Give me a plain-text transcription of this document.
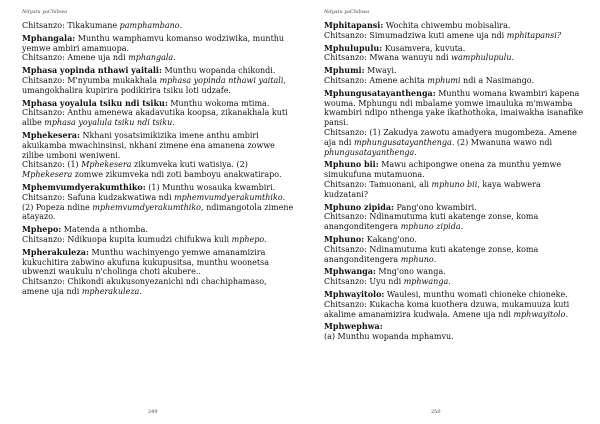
Ndyatu yaChibwa

Chitsanzo: Tikakumane pamphambano.

Mphangala: Munthu wamphamvu komanso wodziwika, munthu yemwe ambiri amamuopa.
Chitsanzo: Amene uja ndi mphangala.

Mphasa yopinda nthawi yaitali: Munthu wopanda chikondi.
Chitsanzo: M'nyumba mukakhala mphasa yopinda nthawi yaitali, umangokhalira kupirira podikirira tsiku loti udzafe.

Mphasa yoyalula tsiku ndi tsiku: Munthu wokoma mtima.
Chitsanzo: Anthu amenewa akadavutika koopsa, zikanakhala kuti alibe mphasa yoyalula tsiku ndi tsiku.

Mphekesera: Nkhani yosatsimikizika imene anthu ambiri akuikamba mwachinsinsi, nkhani zimene ena amanena zowwe zilibe umboni weniweni.
Chitsanzo: (1) Mphekesera zikumveka kuti watisiya. (2) Mphekesera zomwe zikumveka ndi zoti bamboyu anakwatirapo.

Mphemvumdyerakumthiko: (1) Munthu wosauka kwambiri.
Chitsanzo: Safuna kudzakwatiwa ndi mphemvumdyerakumthiko. (2) Popeza ndine mphemvumdyerakumthiko, ndimangotola zimene atayazo.

Mphepo: Matenda a nthomba.
Chitsanzo: Ndikuopa kupita kumudzi chifukwa kuli mphepo.

Mpherakuleza: Munthu wachinyengo yemwe amanamizira kukuchitira zabwino akufuna kukupusitsa, munthu woonetsa ubwenzi waukulu n'cholinga choti akubere..
Chitsanzo: Chikondi akukusonyezanichi ndi chachiphamaso, amene uja ndi mpherakuleza.

249
Ndyatu yaChibwa

Mphitapansi: Wochita chiwembu mobisalira.
Chitsanzo: Simumadziwa kuti amene uja ndi mphitapansi?

Mphulupulu: Kusamvera, kuvuta.
Chitsanzo: Mwana wanuyu ndi wamphulupulu.

Mphumi: Mwayi.
Chitsanzo: Amene achita mphumi ndi a Nasimango.

Mphungusatayanthenga: Munthu womana kwambiri kapena wouma. Mphungu ndi mbalame yomwe imauluka m'mwamba kwambiri ndipo nthenga yake ikathothoka, imaiwakha isanafike pansi.
Chitsanzo: (1) Zakudya zawotu amadyera mugombeza. Amene aja ndi mphungusatayanthenga. (2) Mwanuna wawo ndi phungusatayanthenga.

Mphuno bii: Mawu achipongwe onena za munthu yemwe simukufuna mutamuona.
Chitsanzo: Tamuonani, ali mphuno bii, kaya wabwera kudzatani?

Mphuno zipida: Pang'ono kwambiri.
Chitsanzo: Ndinamutuma kuti akatenge zonse, koma anangonditengera mphuno zipida.

Mphuno: Kakang'ono.
Chitsanzo: Ndinamutuma kuti akatenge zonse, koma anangonditengera mphuno.

Mphwanga: Mng'ono wanga.
Chitsanzo: Uyu ndi mphwanga.

Mphwayitolo: Waulesi, munthu womati chioneke chioneke.
Chitsanzo: Kukacha koma kuothera dzuwa, mukamuuza kuti akalime amanamizira kudwala. Amene uja ndi mphwayitolo.

Mphwephwa:
(a) Munthu wopanda mphamvu.

250
